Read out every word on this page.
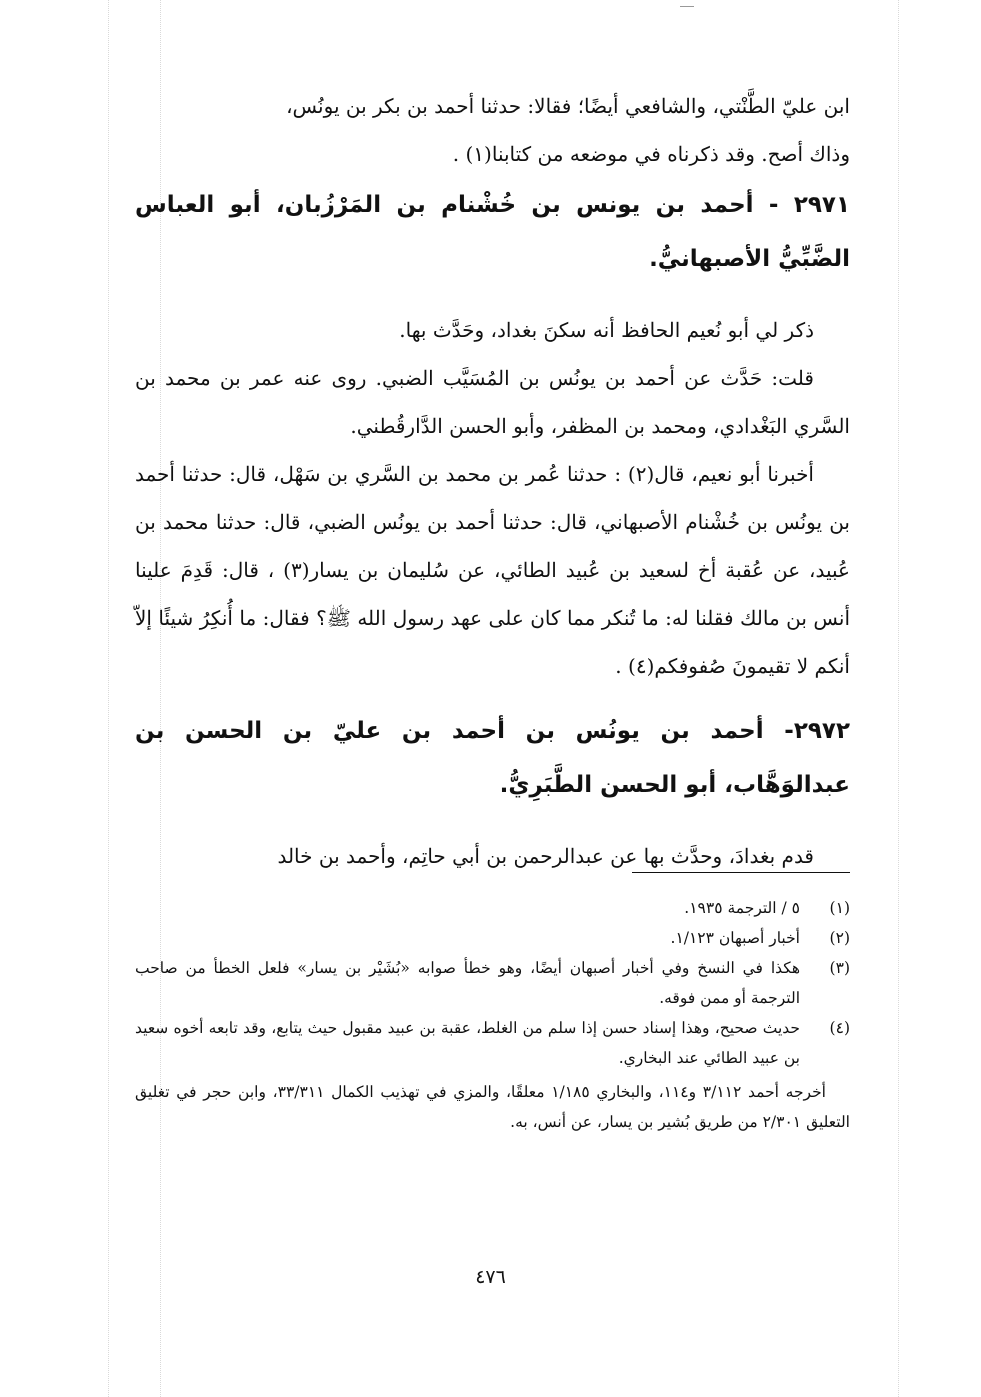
ابن عليّ الطَّنْتي، والشافعي أيضًا؛ فقالا: حدثنا أحمد بن بكر بن يونُس،

وذاك أصح. وقد ذكرناه في موضعه من كتابنا(١) .

٢٩٧١ - أحمد بن يونس بن خُشْنام بن المَرْزُبان، أبو العباس الضَّبِّيُّ الأصبهانيُّ.

ذكر لي أبو نُعيم الحافظ أنه سكنَ بغداد، وحَدَّث بها.

قلت: حَدَّث عن أحمد بن يونُس بن المُسَيَّب الضبي. روى عنه عمر بن محمد بن السَّري البَغْدادي، ومحمد بن المظفر، وأبو الحسن الدَّارقُطني.

أخبرنا أبو نعيم، قال(٢) : حدثنا عُمر بن محمد بن السَّري بن سَهْل، قال: حدثنا أحمد بن يونُس بن خُشْنام الأصبهاني، قال: حدثنا أحمد بن يونُس الضبي، قال: حدثنا محمد بن عُبيد، عن عُقبة أخ لسعيد بن عُبيد الطائي، عن سُليمان بن يسار(٣) ، قال: قَدِمَ علينا أنس بن مالك فقلنا له: ما تُنكر مما كان على عهد رسول الله ﷺ؟ فقال: ما أُنكِرُ شيئًا إلاّ أنكم لا تقيمونَ صُفوفكم(٤) .

٢٩٧٢- أحمد بن يونُس بن أحمد بن عليّ بن الحسن بن عبدالوَهَّاب، أبو الحسن الطَّبَرِيُّ.

قدم بغدادَ، وحدَّث بها عن عبدالرحمن بن أبي حاتِم، وأحمد بن خالد

(١)
٥ / الترجمة ١٩٣٥.
(٢)
أخبار أصبهان ١/١٢٣.
(٣)
هكذا في النسخ وفي أخبار أصبهان أيضًا، وهو خطأ صوابه «بُشَيْر بن يسار» فلعل الخطأ من صاحب الترجمة أو ممن فوقه.
(٤)
حديث صحيح، وهذا إسناد حسن إذا سلم من الغلط، عقبة بن عبيد مقبول حيث يتابع، وقد تابعه أخوه سعيد بن عبيد الطائي عند البخاري.

أخرجه أحمد ٣/١١٢ و١١٤، والبخاري ١/١٨٥ معلقًا، والمزي في تهذيب الكمال ٣٣/٣١١، وابن حجر في تغليق التعليق ٢/٣٠١ من طريق بُشير بن يسار، عن أنس، به.

٤٧٦
